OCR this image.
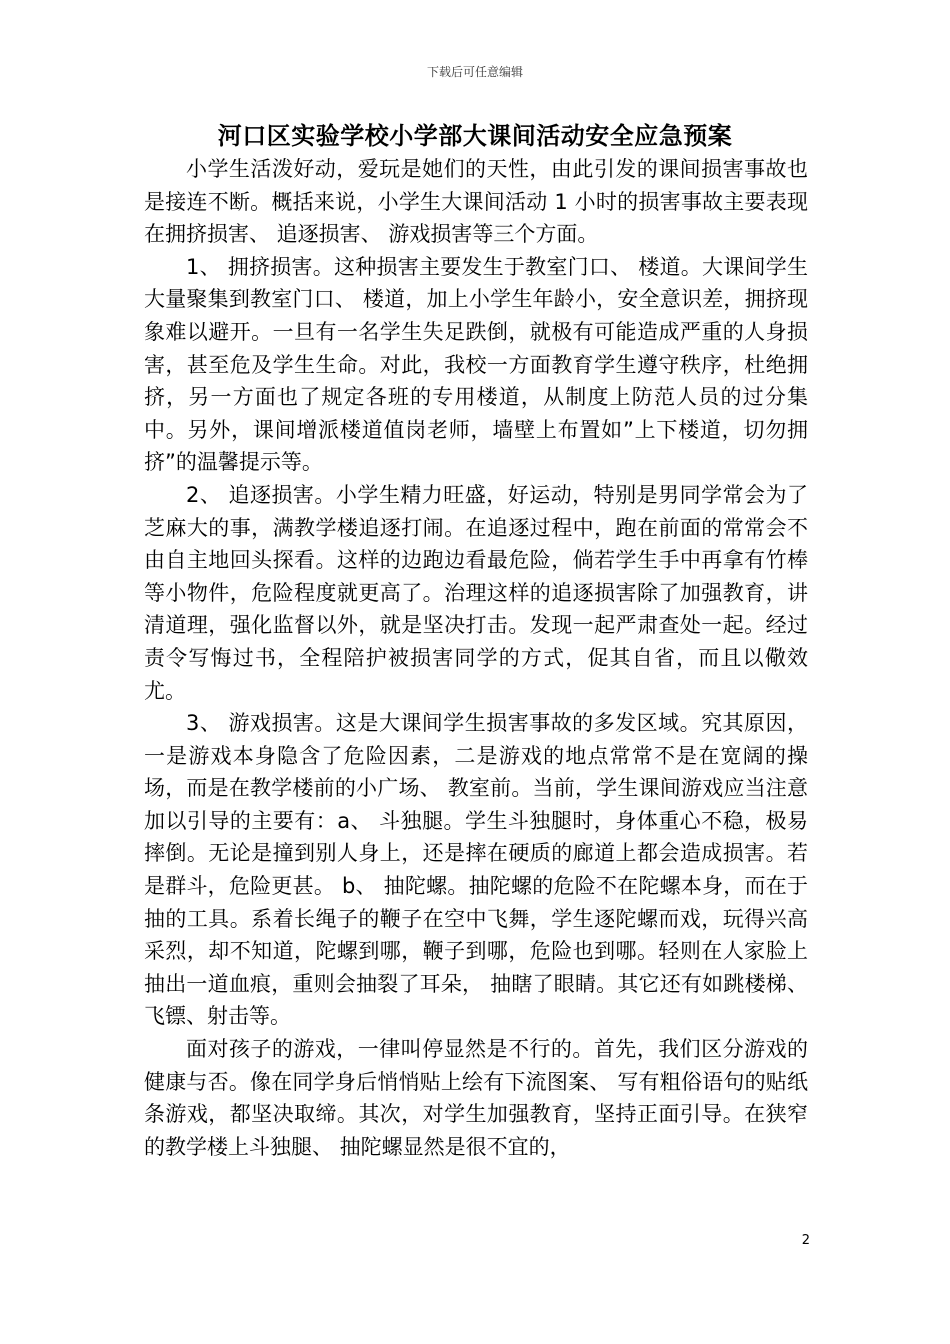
下载后可任意编辑
河口区实验学校小学部大课间活动安全应急预案

小学生活泼好动，爱玩是她们的天性，由此引发的课间损害事故也是接连不断。概括来说，小学生大课间活动 1 小时的损害事故主要表现在拥挤损害、 追逐损害、 游戏损害等三个方面。

1、 拥挤损害。这种损害主要发生于教室门口、 楼道。大课间学生大量聚集到教室门口、 楼道，加上小学生年龄小，安全意识差，拥挤现象难以避开。一旦有一名学生失足跌倒，就极有可能造成严重的人身损害，甚至危及学生生命。对此，我校一方面教育学生遵守秩序，杜绝拥挤，另一方面也了规定各班的专用楼道，从制度上防范人员的过分集中。另外，课间增派楼道值岗老师，墙壁上布置如”上下楼道，切勿拥挤”的温馨提示等。

2、 追逐损害。小学生精力旺盛，好运动，特别是男同学常会为了芝麻大的事，满教学楼追逐打闹。在追逐过程中，跑在前面的常常会不由自主地回头探看。这样的边跑边看最危险，倘若学生手中再拿有竹棒等小物件，危险程度就更高了。治理这样的追逐损害除了加强教育，讲清道理，强化监督以外，就是坚决打击。发现一起严肃查处一起。经过 责令写悔过书，全程陪护被损害同学的方式，促其自省，而且以儆效尤。

3、 游戏损害。这是大课间学生损害事故的多发区域。究其原因，一是游戏本身隐含了危险因素，二是游戏的地点常常不是在宽阔的操场，而是在教学楼前的小广场、 教室前。当前，学生课间游戏应当注意加以引导的主要有：a、 斗独腿。学生斗独腿时，身体重心不稳，极易摔倒。无论是撞到别人身上，还是摔在硬质的廊道上都会造成损害。若是群斗，危险更甚。 b、 抽陀螺。抽陀螺的危险不在陀螺本身，而在于抽的工具。系着长绳子的鞭子在空中飞舞，学生逐陀螺而戏，玩得兴高采烈，却不知道，陀螺到哪，鞭子到哪，危险也到哪。轻则在人家脸上抽出一道血痕，重则会抽裂了耳朵， 抽瞎了眼睛。其它还有如跳楼梯、 飞镖、射击等。

面对孩子的游戏，一律叫停显然是不行的。首先，我们区分游戏的健康与否。像在同学身后悄悄贴上绘有下流图案、 写有粗俗语句的贴纸条游戏，都坚决取缔。其次，对学生加强教育，坚持正面引导。在狭窄的教学楼上斗独腿、 抽陀螺显然是很不宜的，

2
